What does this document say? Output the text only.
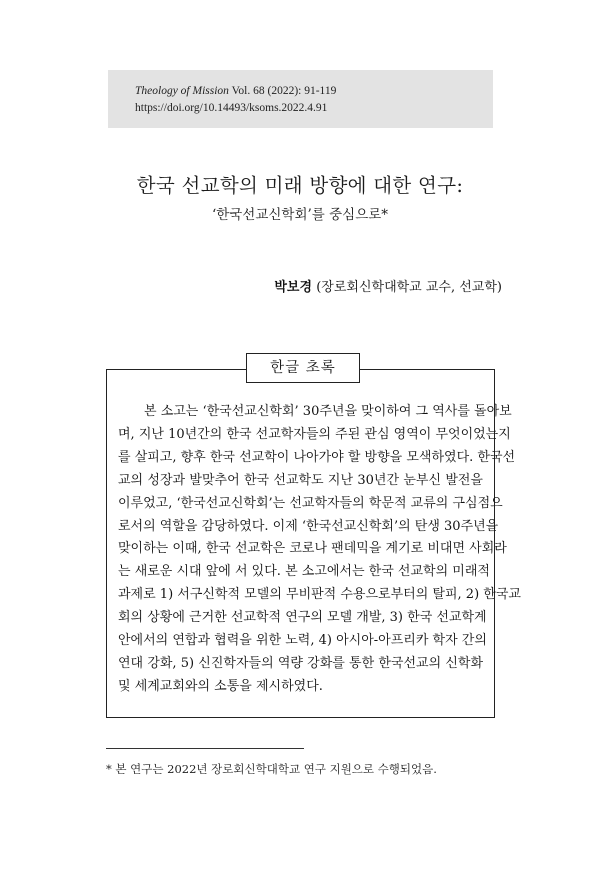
Theology of Mission Vol. 68 (2022): 91-119
https://doi.org/10.14493/ksoms.2022.4.91
한국 선교학의 미래 방향에 대한 연구:
‘한국선교신학회’를 중심으로*
박보경 (장로회신학대학교 교수, 선교학)
한글 초록
본 소고는 ‘한국선교신학회’ 30주년을 맞이하여 그 역사를 돌아보
며, 지난 10년간의 한국 선교학자들의 주된 관심 영역이 무엇이었는지
를 살피고, 향후 한국 선교학이 나아가야 할 방향을 모색하였다. 한국선
교의 성장과 발맞추어 한국 선교학도 지난 30년간 눈부신 발전을
이루었고, ‘한국선교신학회’는 선교학자들의 학문적 교류의 구심점으
로서의 역할을 감당하였다. 이제 ‘한국선교신학회’의 탄생 30주년을
맞이하는 이때, 한국 선교학은 코로나 팬데믹을 계기로 비대면 사회라
는 새로운 시대 앞에 서 있다. 본 소고에서는 한국 선교학의 미래적
과제로 1) 서구신학적 모델의 무비판적 수용으로부터의 탈피, 2) 한국교
회의 상황에 근거한 선교학적 연구의 모델 개발, 3) 한국 선교학계
안에서의 연합과 협력을 위한 노력, 4) 아시아-아프리카 학자 간의
연대 강화, 5) 신진학자들의 역량 강화를 통한 한국선교의 신학화
및 세계교회와의 소통을 제시하였다.
* 본 연구는 2022년 장로회신학대학교 연구 지원으로 수행되었음.
